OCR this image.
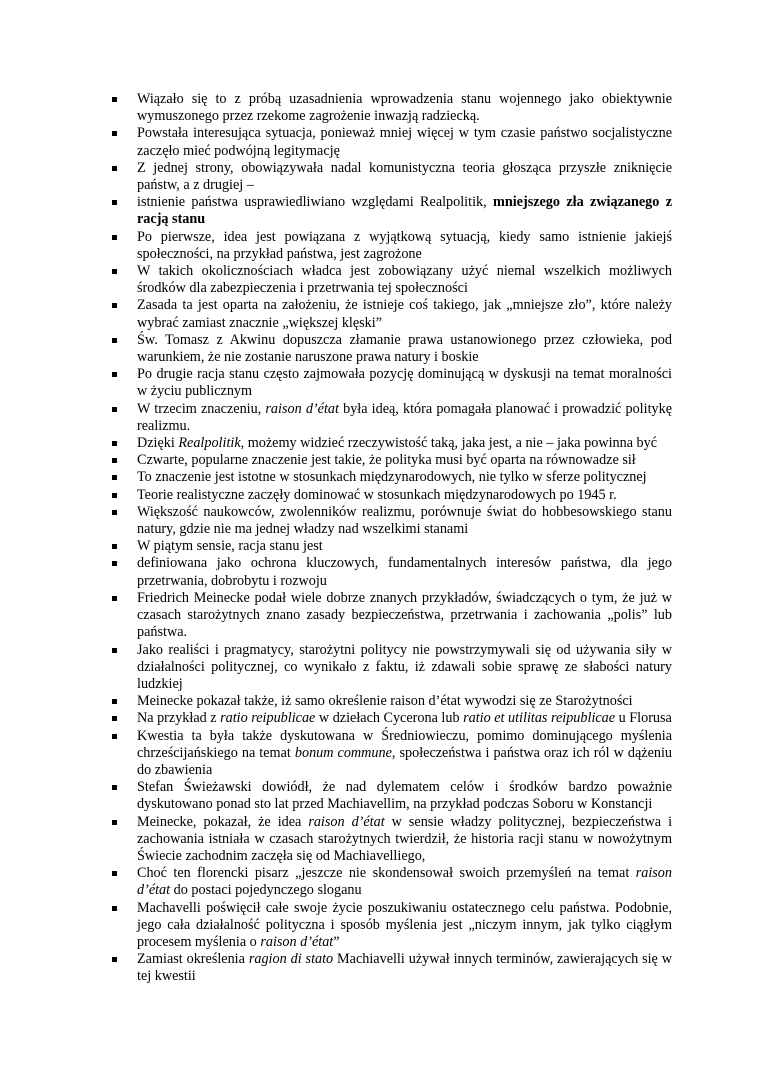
Wiązało się to z próbą uzasadnienia wprowadzenia stanu wojennego jako obiektywnie wymuszonego przez rzekome zagrożenie inwazją radziecką.
Powstała interesująca sytuacja, ponieważ mniej więcej w tym czasie państwo socjalistyczne zaczęło mieć podwójną legitymację
Z jednej strony, obowiązywała nadal komunistyczna teoria głosząca przyszłe zniknięcie państw, a z drugiej –
istnienie państwa usprawiedliwiano względami Realpolitik, mniejszego zła związanego z racją stanu
Po pierwsze, idea jest powiązana z wyjątkową sytuacją, kiedy samo istnienie jakiejś społeczności, na przykład państwa, jest zagrożone
W takich okolicznościach władca jest zobowiązany użyć niemal wszelkich możliwych środków dla zabezpieczenia i przetrwania tej społeczności
Zasada ta jest oparta na założeniu, że istnieje coś takiego, jak „mniejsze zło”, które należy wybrać zamiast znacznie „większej klęski”
Św. Tomasz z Akwinu dopuszcza złamanie prawa ustanowionego przez człowieka, pod warunkiem, że nie zostanie naruszone prawa natury i boskie
Po drugie racja stanu często zajmowała pozycję dominującą w dyskusji na temat moralności w życiu publicznym
W trzecim znaczeniu, raison d’état była ideą, która pomagała planować i prowadzić politykę realizmu.
Dzięki Realpolitik, możemy widzieć rzeczywistość taką, jaka jest, a nie – jaka powinna być
Czwarte, popularne znaczenie jest takie, że polityka musi być oparta na równowadze sił
To znaczenie jest istotne w stosunkach międzynarodowych, nie tylko w sferze politycznej
Teorie realistyczne zaczęły dominować w stosunkach międzynarodowych po 1945 r.
Większość naukowców, zwolenników realizmu, porównuje świat do hobbesowskiego stanu natury, gdzie nie ma jednej władzy nad wszelkimi stanami
W piątym sensie, racja stanu jest
definiowana jako ochrona kluczowych, fundamentalnych interesów państwa, dla jego przetrwania, dobrobytu i rozwoju
Friedrich Meinecke podał wiele dobrze znanych przykładów, świadczących o tym, że już w czasach starożytnych znano zasady bezpieczeństwa, przetrwania i zachowania „polis” lub państwa.
Jako realiści i pragmatycy, starożytni politycy nie powstrzymywali się od używania siły w działalności politycznej, co wynikało z faktu, iż zdawali sobie sprawę ze słabości natury ludzkiej
Meinecke pokazał także, iż samo określenie raison d’état wywodzi się ze Starożytności
Na przykład z ratio reipublicae w dziełach Cycerona lub ratio et utilitas reipublicae u Florusa
Kwestia ta była także dyskutowana w Średniowieczu, pomimo dominującego myślenia chrześcijańskiego na temat bonum commune, społeczeństwa i państwa oraz ich ról w dążeniu do zbawienia
Stefan Świeżawski dowiódł, że nad dylematem celów i środków bardzo poważnie dyskutowano ponad sto lat przed Machiavellim, na przykład podczas Soboru w Konstancji
Meinecke, pokazał, że idea raison d’état w sensie władzy politycznej, bezpieczeństwa i zachowania istniała w czasach starożytnych twierdził, że historia racji stanu w nowożytnym Świecie zachodnim zaczęła się od Machiavelliego,
Choć ten florencki pisarz „jeszcze nie skondensował swoich przemyśleń na temat raison d’état do postaci pojedynczego sloganu
Machavelli poświęcił całe swoje życie poszukiwaniu ostatecznego celu państwa. Podobnie, jego cała działalność polityczna i sposób myślenia jest „niczym innym, jak tylko ciągłym procesem myślenia o raison d’état”
Zamiast określenia ragion di stato Machiavelli używał innych terminów, zawierających się w tej kwestii
